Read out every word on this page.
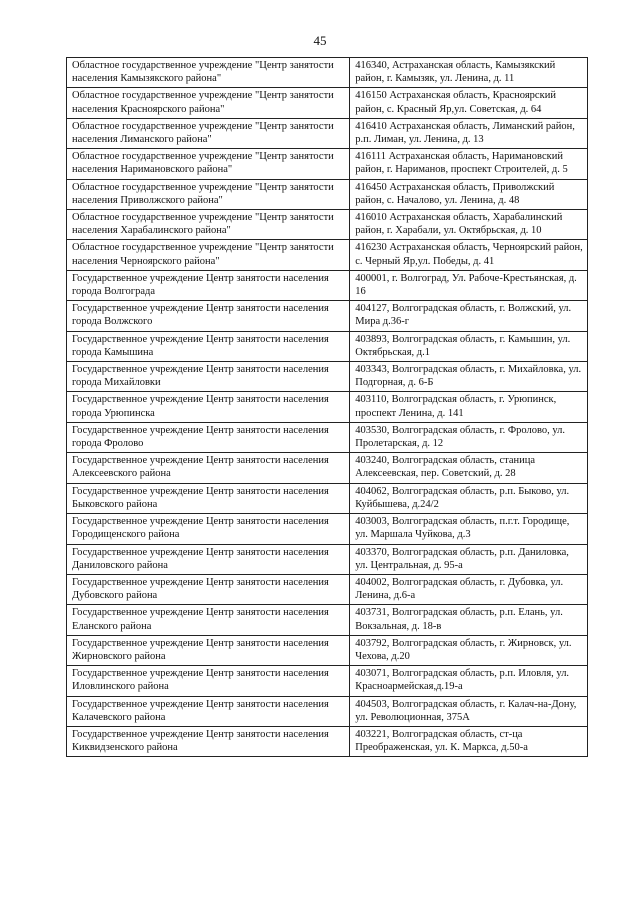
45
Областное государственное учреждение "Центр занятости населения Камызякского района"	416340, Астраханская область, Камызякский район, г. Камызяк, ул. Ленина, д. 11
Областное государственное учреждение "Центр занятости населения Красноярского района"	416150 Астраханская область, Красноярский район, с. Красный Яр,ул. Советская, д. 64
Областное государственное учреждение "Центр занятости населения Лиманского района"	416410 Астраханская область, Лиманский район, р.п. Лиман, ул. Ленина, д. 13
Областное государственное учреждение "Центр занятости населения Наримановского района"	416111 Астраханская область, Наримановский район, г. Нариманов, проспект Строителей, д. 5
Областное государственное учреждение "Центр занятости населения Приволжского района"	416450 Астраханская область, Приволжский район, с. Началово, ул. Ленина, д. 48
Областное государственное учреждение "Центр занятости населения Харабалинского района"	416010 Астраханская область, Харабалинский район, г. Харабали, ул. Октябрьская, д. 10
Областное государственное учреждение "Центр занятости населения Черноярского района"	416230 Астраханская область, Черноярский район, с. Черный Яр,ул. Победы, д. 41
Государственное учреждение Центр занятости населения города Волгограда	400001, г. Волгоград, Ул. Рабоче-Крестьянская, д. 16
Государственное учреждение Центр занятости населения города Волжского	404127, Волгоградская область, г. Волжский, ул. Мира д.36-г
Государственное учреждение Центр занятости населения города Камышина	403893, Волгоградская область, г. Камышин, ул. Октябрьская, д.1
Государственное учреждение Центр занятости населения города Михайловки	403343, Волгоградская область, г. Михайловка, ул. Подгорная, д. 6-Б
Государственное учреждение Центр занятости населения города Урюпинска	403110, Волгоградская область, г. Урюпинск, проспект Ленина, д. 141
Государственное учреждение Центр занятости населения города Фролово	403530, Волгоградская область, г. Фролово, ул. Пролетарская, д. 12
Государственное учреждение Центр занятости населения Алексеевского района	403240, Волгоградская область, станица Алексеевская, пер. Советский, д. 28
Государственное учреждение Центр занятости населения Быковского района	404062, Волгоградская область, р.п. Быково, ул. Куйбышева, д.24/2
Государственное учреждение Центр занятости населения Городищенского района	403003, Волгоградская область, п.г.т. Городище, ул. Маршала Чуйкова, д.3
Государственное учреждение Центр занятости населения Даниловского района	403370, Волгоградская область, р.п. Даниловка, ул. Центральная, д. 95-а
Государственное учреждение Центр занятости населения Дубовского района	404002, Волгоградская область, г. Дубовка, ул. Ленина, д.6-а
Государственное учреждение Центр занятости населения Еланского района	403731, Волгоградская область, р.п. Елань, ул. Вокзальная, д. 18-в
Государственное учреждение Центр занятости населения Жирновского района	403792, Волгоградская область, г. Жирновск, ул. Чехова, д.20
Государственное учреждение Центр занятости населения Иловлинского района	403071, Волгоградская область, р.п. Иловля, ул. Красноармейская,д.19-а
Государственное учреждение Центр занятости населения Калачевского района	404503, Волгоградская область, г. Калач-на-Дону, ул. Революционная, 375А
Государственное учреждение Центр занятости населения Киквидзенского района	403221, Волгоградская область, ст-ца Преображенская, ул. К. Маркса, д.50-а
